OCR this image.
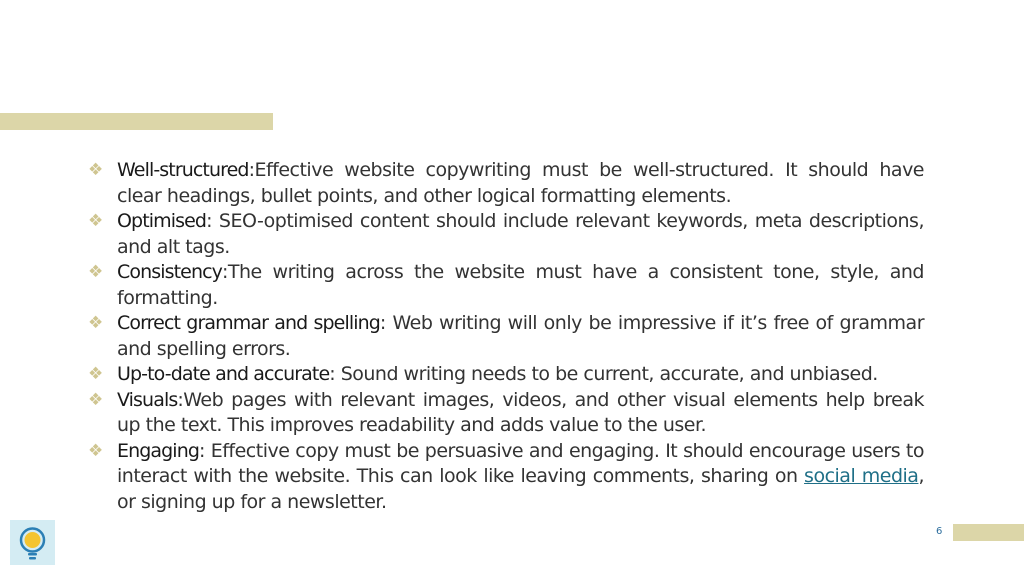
❖ Well-structured:Effective website copywriting must be well-structured. It should have clear headings, bullet points, and other logical formatting elements.
❖ Optimised: SEO-optimised content should include relevant keywords, meta descriptions, and alt tags.
❖ Consistency:The writing across the website must have a consistent tone, style, and formatting.
❖ Correct grammar and spelling: Web writing will only be impressive if it’s free of grammar and spelling errors.
❖ Up-to-date and accurate: Sound writing needs to be current, accurate, and unbiased.
❖ Visuals:Web pages with relevant images, videos, and other visual elements help break up the text. This improves readability and adds value to the user.
❖ Engaging: Effective copy must be persuasive and engaging. It should encourage users to interact with the website. This can look like leaving comments, sharing on social media, or signing up for a newsletter.
6
